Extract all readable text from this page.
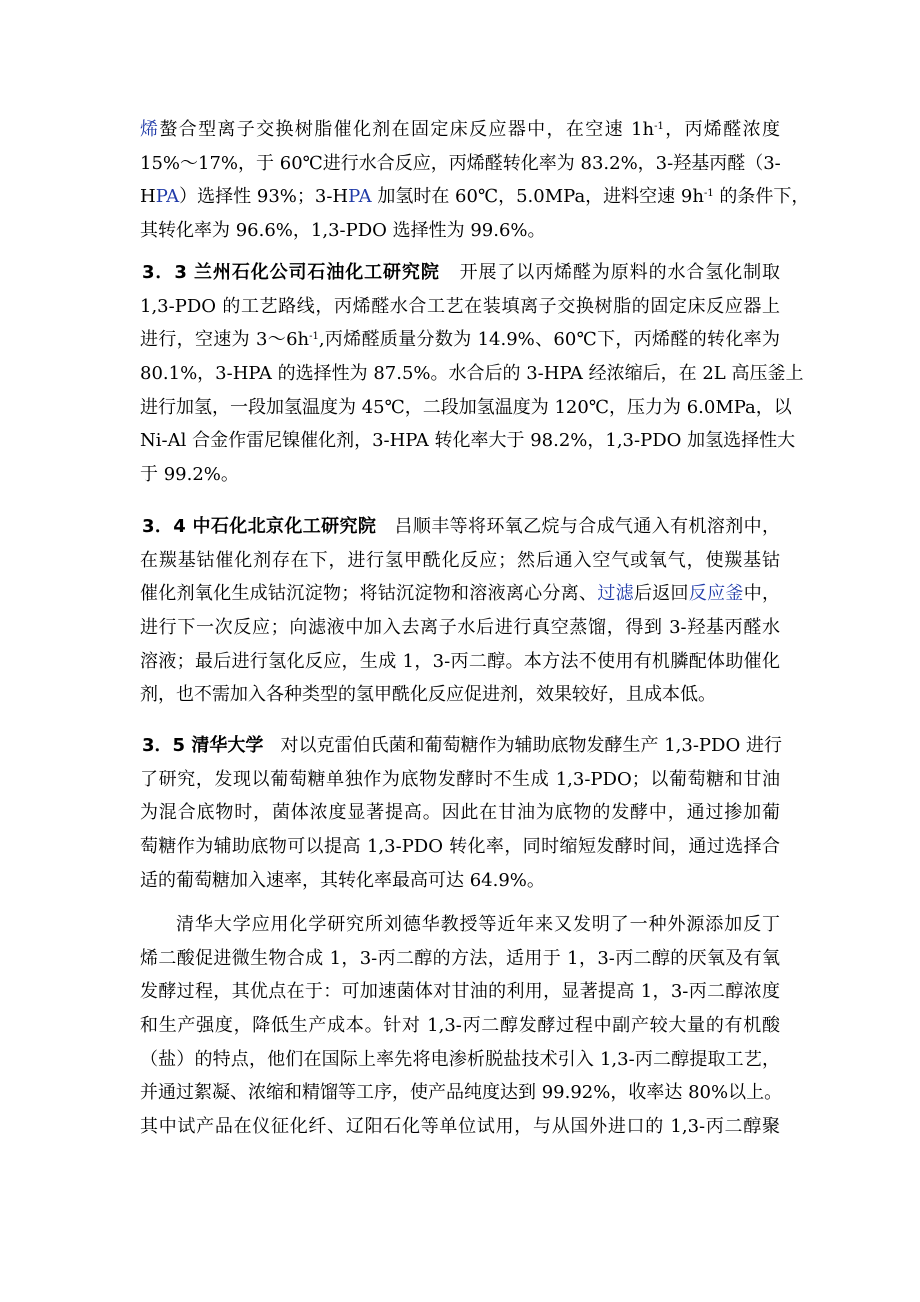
烯螯合型离子交换树脂催化剂在固定床反应器中，在空速 $1h^{-1}$，丙烯醛浓度
15%～17%，于 60℃进行水合反应，丙烯醛转化率为 83.2%，3-羟基丙醛（3-
HPA）选择性 93%；3-HPA 加氢时在 60℃，5.0MPa，进料空速 $9h^{-1}$ 的条件下，
其转化率为 96.6%，1,3-PDO 选择性为 99.6%。
3．3 兰州石化公司石油化工研究院 开展了以丙烯醛为原料的水合氢化制取
1,3-PDO 的工艺路线，丙烯醛水合工艺在装填离子交换树脂的固定床反应器上
进行，空速为 $3\sim 6h^{-1}$,丙烯醛质量分数为 14.9%、60℃下，丙烯醛的转化率为
80.1%，3-HPA 的选择性为 87.5%。水合后的 3-HPA 经浓缩后，在 2L 高压釜上
进行加氢，一段加氢温度为 45℃，二段加氢温度为 120℃，压力为 6.0MPa，以
Ni-Al 合金作雷尼镍催化剂，3-HPA 转化率大于 98.2%，1,3-PDO 加氢选择性大
于 99.2%。
3．4 中石化北京化工研究院 吕顺丰等将环氧乙烷与合成气通入有机溶剂中，
在羰基钴催化剂存在下，进行氢甲酰化反应；然后通入空气或氧气，使羰基钴
催化剂氧化生成钴沉淀物；将钴沉淀物和溶液离心分离、过滤后返回反应釜中，
进行下一次反应；向滤液中加入去离子水后进行真空蒸馏，得到 3-羟基丙醛水
溶液；最后进行氢化反应，生成 1，3-丙二醇。本方法不使用有机膦配体助催化
剂，也不需加入各种类型的氢甲酰化反应促进剂，效果较好，且成本低。
3．5 清华大学 对以克雷伯氏菌和葡萄糖作为辅助底物发酵生产 1,3-PDO 进行
了研究，发现以葡萄糖单独作为底物发酵时不生成 1,3-PDO；以葡萄糖和甘油
为混合底物时，菌体浓度显著提高。因此在甘油为底物的发酵中，通过掺加葡
萄糖作为辅助底物可以提高 1,3-PDO 转化率，同时缩短发酵时间，通过选择合
适的葡萄糖加入速率，其转化率最高可达 64.9%。
清华大学应用化学研究所刘德华教授等近年来又发明了一种外源添加反丁
烯二酸促进微生物合成 1，3-丙二醇的方法，适用于 1，3-丙二醇的厌氧及有氧
发酵过程，其优点在于：可加速菌体对甘油的利用，显著提高 1，3-丙二醇浓度
和生产强度，降低生产成本。针对 1,3-丙二醇发酵过程中副产较大量的有机酸
（盐）的特点，他们在国际上率先将电渗析脱盐技术引入 1,3-丙二醇提取工艺，
并通过絮凝、浓缩和精馏等工序，使产品纯度达到 99.92%，收率达 80%以上。
其中试产品在仪征化纤、辽阳石化等单位试用，与从国外进口的 1,3-丙二醇聚
